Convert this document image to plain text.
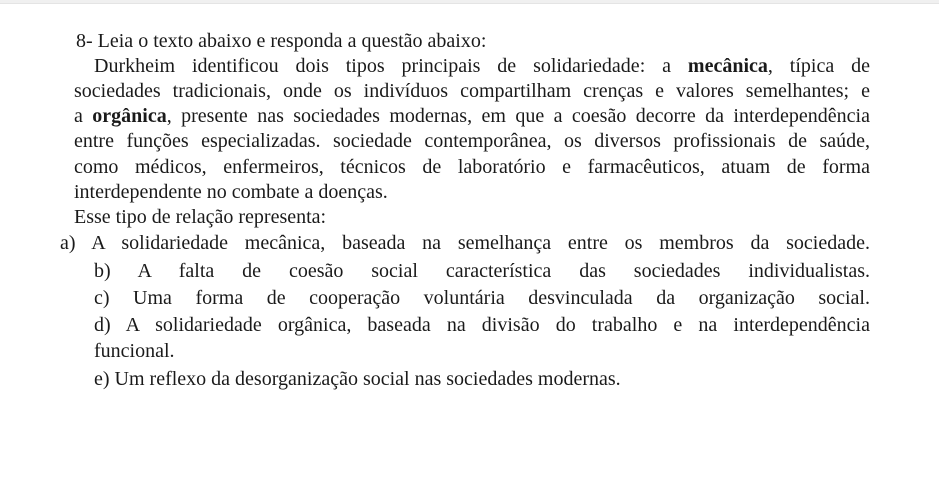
8- Leia o texto abaixo e responda a questão abaixo:
Durkheim identificou dois tipos principais de solidariedade: a mecânica, típica de
sociedades tradicionais, onde os indivíduos compartilham crenças e valores semelhantes; e
a orgânica, presente nas sociedades modernas, em que a coesão decorre da interdependência
entre funções especializadas. sociedade contemporânea, os diversos profissionais de saúde,
como médicos, enfermeiros, técnicos de laboratório e farmacêuticos, atuam de forma
interdependente no combate a doenças.
Esse tipo de relação representa:
a) A solidariedade mecânica, baseada na semelhança entre os membros da sociedade.
b) A falta de coesão social característica das sociedades individualistas.
c) Uma forma de cooperação voluntária desvinculada da organização social.
d) A solidariedade orgânica, baseada na divisão do trabalho e na interdependência
funcional.
e) Um reflexo da desorganização social nas sociedades modernas.
